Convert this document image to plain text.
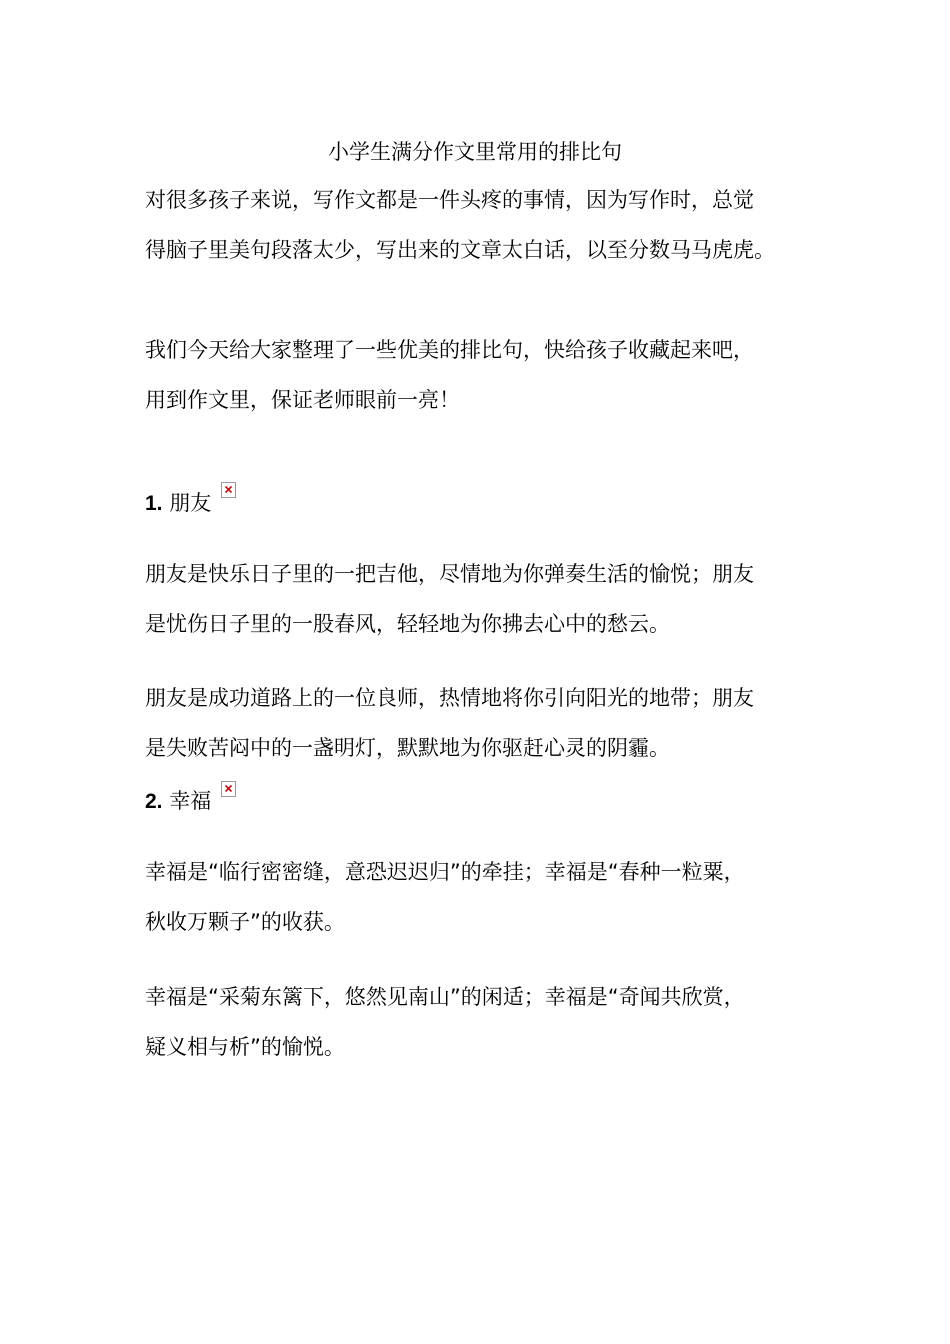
小学生满分作文里常用的排比句
对很多孩子来说，写作文都是一件头疼的事情，因为写作时，总觉
得脑子里美句段落太少，写出来的文章太白话，以至分数马马虎虎。
我们今天给大家整理了一些优美的排比句，快给孩子收藏起来吧，
用到作文里，保证老师眼前一亮！
1. 朋友
朋友是快乐日子里的一把吉他，尽情地为你弹奏生活的愉悦；朋友
是忧伤日子里的一股春风，轻轻地为你拂去心中的愁云。
朋友是成功道路上的一位良师，热情地将你引向阳光的地带；朋友
是失败苦闷中的一盏明灯，默默地为你驱赶心灵的阴霾。
2. 幸福
幸福是“临行密密缝，意恐迟迟归”的牵挂；幸福是“春种一粒粟，
秋收万颗子”的收获。
幸福是“采菊东篱下，悠然见南山”的闲适；幸福是“奇闻共欣赏，
疑义相与析”的愉悦。
